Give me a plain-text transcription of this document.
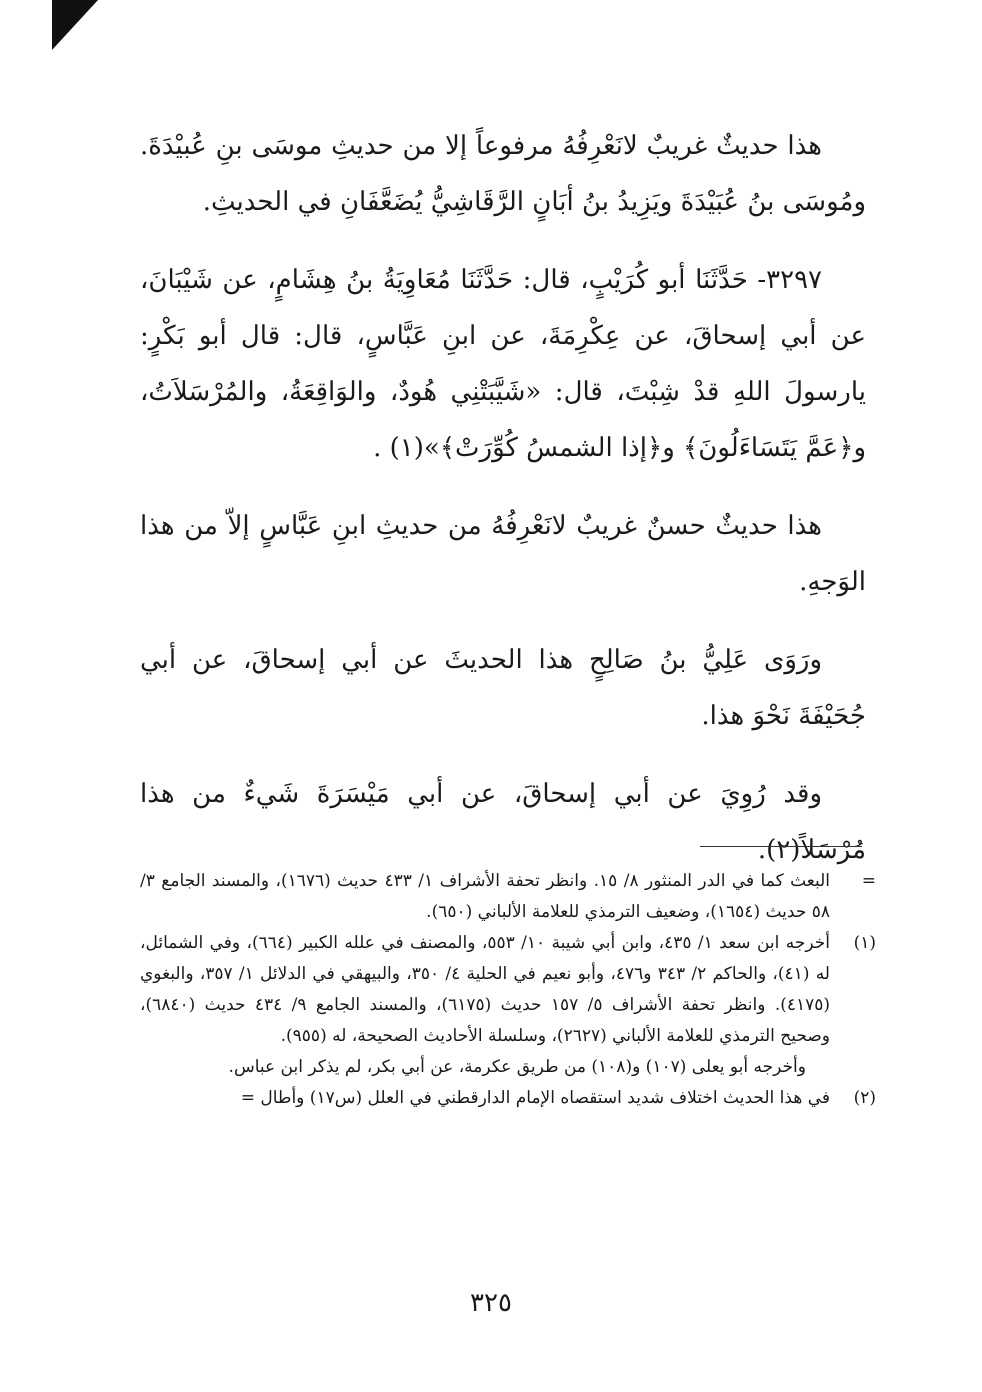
هذا حديثٌ غريبٌ لانَعْرِفُهُ مرفوعاً إلا من حديثِ موسَى بنِ عُبيْدَةَ. ومُوسَى بنُ عُبَيْدَةَ ويَزِيدُ بنُ أبَانٍ الرَّقَاشِيُّ يُضَعَّفَانِ في الحديثِ.

٣٢٩٧- حَدَّثَنَا أبو كُرَيْبٍ، قال: حَدَّثَنَا مُعَاوِيَةُ بنُ هِشَامٍ، عن شَيْبَانَ، عن أبي إسحاقَ، عن عِكْرِمَةَ، عن ابنِ عَبَّاسٍ، قال: قال أبو بَكْرٍ: يارسولَ اللهِ قدْ شِبْتَ، قال: «شَيَّبَتْنِي هُودٌ، والوَاقِعَةُ، والمُرْسَلاَتُ، و﴿عَمَّ يَتَسَاءَلُونَ﴾ و﴿إذا الشمسُ كُوِّرَتْ﴾»(١) .

هذا حديثٌ حسنٌ غريبٌ لانَعْرِفُهُ من حديثِ ابنِ عَبَّاسٍ إلاّ من هذا الوَجهِ.

ورَوَى عَلِيُّ بنُ صَالِحٍ هذا الحديثَ عن أبي إسحاقَ، عن أبي جُحَيْفَةَ نَحْوَ هذا.

وقد رُوِيَ عن أبي إسحاقَ، عن أبي مَيْسَرَةَ شَيءٌ من هذا مُرْسَلاً(٢).

=

البعث كما في الدر المنثور ٨/ ١٥. وانظر تحفة الأشراف ١/ ٤٣٣ حديث (١٦٧٦)، والمسند الجامع ٣/ ٥٨ حديث (١٦٥٤)، وضعيف الترمذي للعلامة الألباني (٦٥٠).

(١)

أخرجه ابن سعد ١/ ٤٣٥، وابن أبي شيبة ١٠/ ٥٥٣، والمصنف في علله الكبير (٦٦٤)، وفي الشمائل، له (٤١)، والحاكم ٢/ ٣٤٣ و٤٧٦، وأبو نعيم في الحلية ٤/ ٣٥٠، والبيهقي في الدلائل ١/ ٣٥٧، والبغوي (٤١٧٥). وانظر تحفة الأشراف ٥/ ١٥٧ حديث (٦١٧٥)، والمسند الجامع ٩/ ٤٣٤ حديث (٦٨٤٠)، وصحيح الترمذي للعلامة الألباني (٢٦٢٧)، وسلسلة الأحاديث الصحيحة، له (٩٥٥).

وأخرجه أبو يعلى (١٠٧) و(١٠٨) من طريق عكرمة، عن أبي بكر، لم يذكر ابن عباس.

(٢)

في هذا الحديث اختلاف شديد استقصاه الإمام الدارقطني في العلل (س١٧) وأطال =

٣٢٥
